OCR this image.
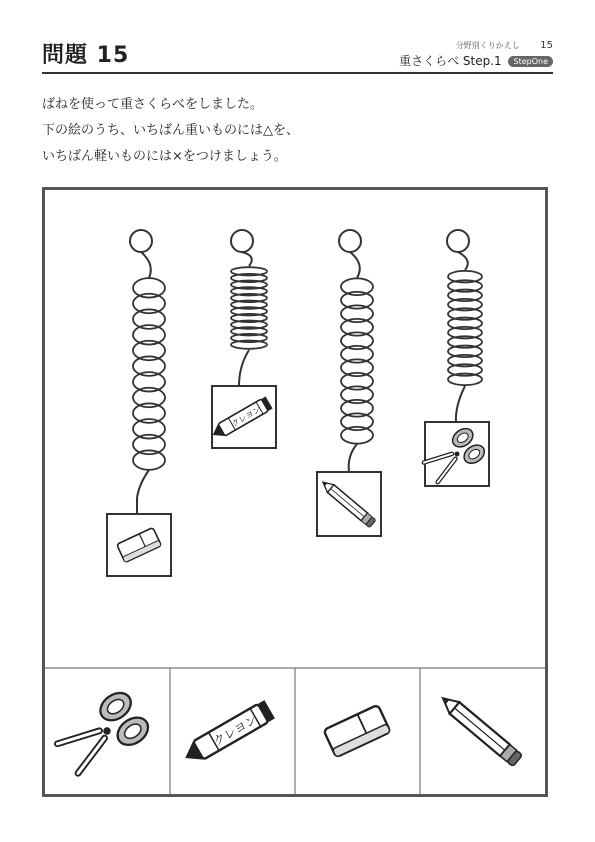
問題 15	分野別くりかえし 15
重さくらべ Step.1 StepOne
ばねを使って重さくらべをしました。
下の絵のうち、いちばん重いものには△を、
いちばん軽いものには×をつけましょう。
クレヨン
